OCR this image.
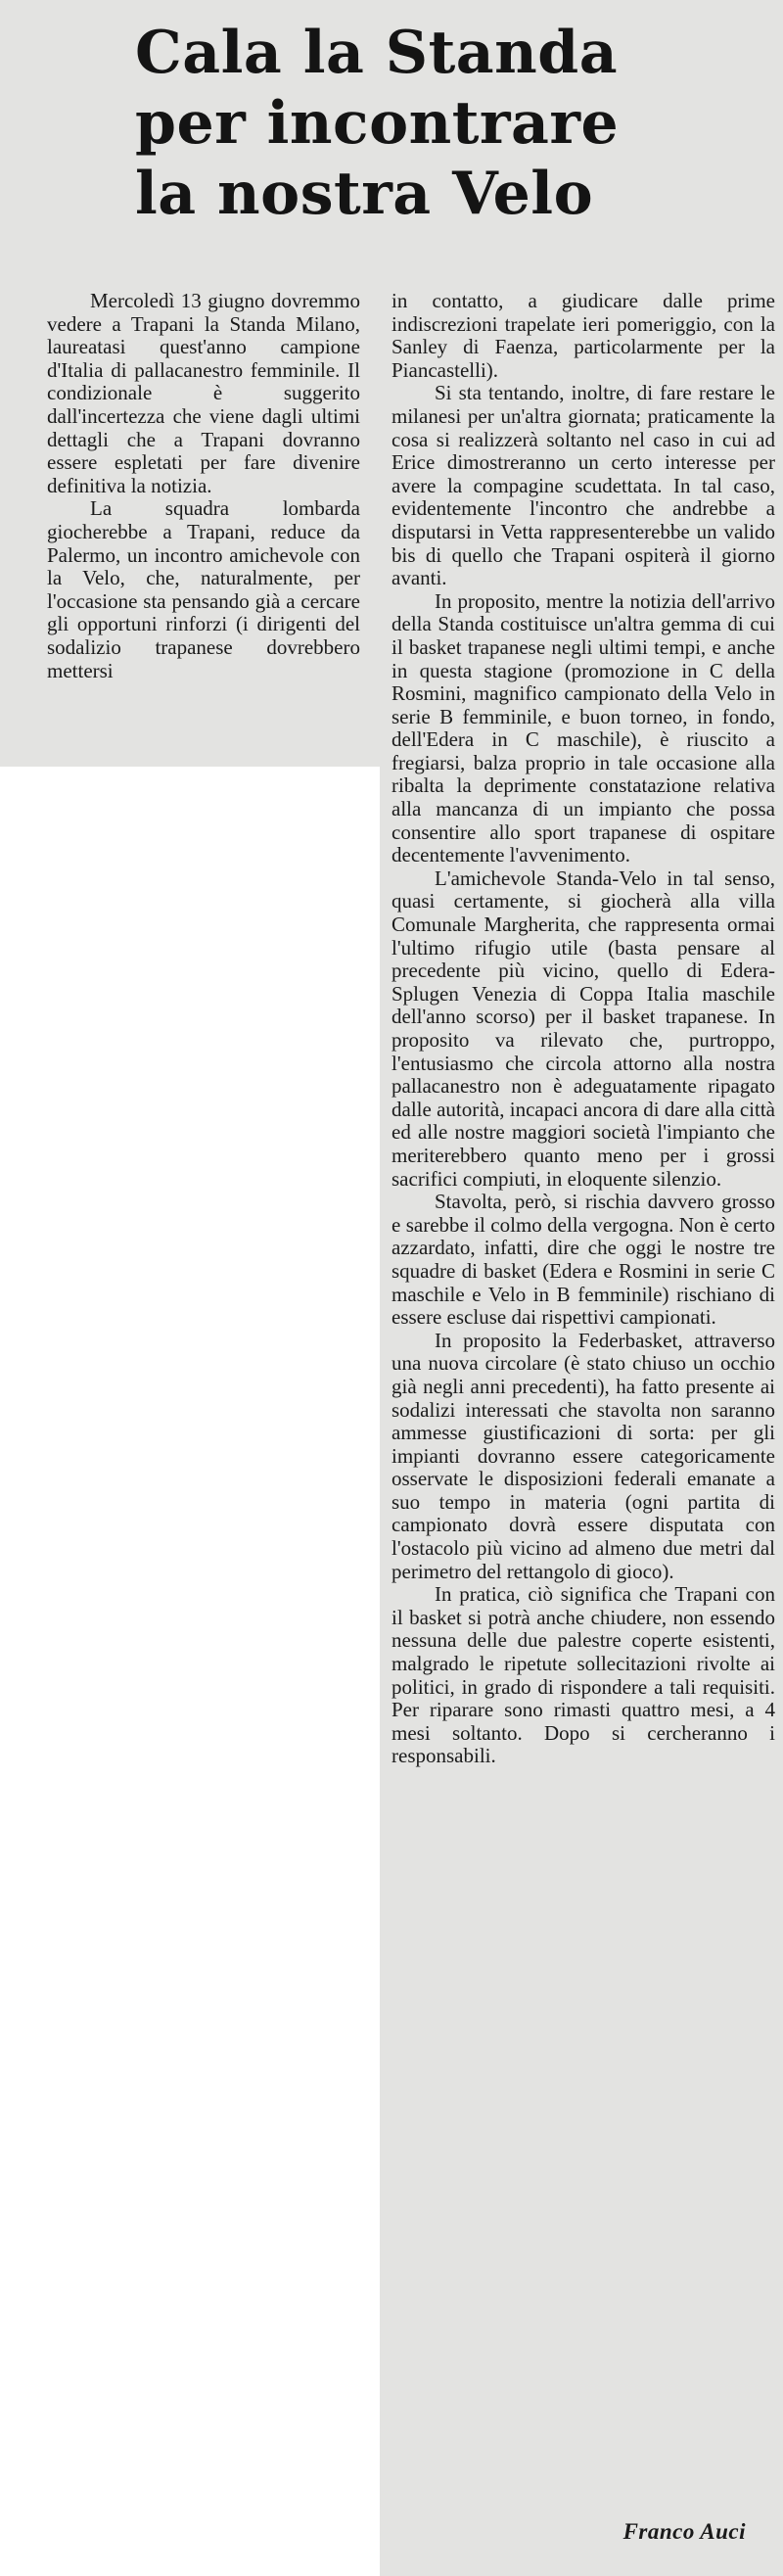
Cala la Standa
per incontrare
la nostra Velo

Mercoledì 13 giugno dovremmo vedere a Trapani la Standa Milano, laureatasi quest'anno campione d'Italia di pallacanestro femminile. Il condizionale è suggerito dall'incertezza che viene dagli ultimi dettagli che a Trapani dovranno essere espletati per fare divenire definitiva la notizia.

La squadra lombarda giocherebbe a Trapani, reduce da Palermo, un incontro amichevole con la Velo, che, naturalmente, per l'occasione sta pensando già a cercare gli opportuni rinforzi (i dirigenti del sodalizio trapanese dovrebbero mettersi

in contatto, a giudicare dalle prime indiscrezioni trapelate ieri pomeriggio, con la Sanley di Faenza, particolarmente per la Piancastelli).

Si sta tentando, inoltre, di fare restare le milanesi per un'altra giornata; praticamente la cosa si realizzerà soltanto nel caso in cui ad Erice dimostreranno un certo interesse per avere la compagine scudettata. In tal caso, evidentemente l'incontro che andrebbe a disputarsi in Vetta rappresenterebbe un valido bis di quello che Trapani ospiterà il giorno avanti.

In proposito, mentre la notizia dell'arrivo della Standa costituisce un'altra gemma di cui il basket trapanese negli ultimi tempi, e anche in questa stagione (promozione in C della Rosmini, magnifico campionato della Velo in serie B femminile, e buon torneo, in fondo, dell'Edera in C maschile), è riuscito a fregiarsi, balza proprio in tale occasione alla ribalta la deprimente constatazione relativa alla mancanza di un impianto che possa consentire allo sport trapanese di ospitare decentemente l'avvenimento.

L'amichevole Standa-Velo in tal senso, quasi certamente, si giocherà alla villa Comunale Margherita, che rappresenta ormai l'ultimo rifugio utile (basta pensare al precedente più vicino, quello di Edera-Splugen Venezia di Coppa Italia maschile dell'anno scorso) per il basket trapanese. In proposito va rilevato che, purtroppo, l'entusiasmo che circola attorno alla nostra pallacanestro non è adeguatamente ripagato dalle autorità, incapaci ancora di dare alla città ed alle nostre maggiori società l'impianto che meriterebbero quanto meno per i grossi sacrifici compiuti, in eloquente silenzio.

Stavolta, però, si rischia davvero grosso e sarebbe il colmo della vergogna. Non è certo azzardato, infatti, dire che oggi le nostre tre squadre di basket (Edera e Rosmini in serie C maschile e Velo in B femminile) rischiano di essere escluse dai rispettivi campionati.

In proposito la Federbasket, attraverso una nuova circolare (è stato chiuso un occhio già negli anni precedenti), ha fatto presente ai sodalizi interessati che stavolta non saranno ammesse giustificazioni di sorta: per gli impianti dovranno essere categoricamente osservate le disposizioni federali emanate a suo tempo in materia (ogni partita di campionato dovrà essere disputata con l'ostacolo più vicino ad almeno due metri dal perimetro del rettangolo di gioco).

In pratica, ciò significa che Trapani con il basket si potrà anche chiudere, non essendo nessuna delle due palestre coperte esistenti, malgrado le ripetute sollecitazioni rivolte ai politici, in grado di rispondere a tali requisiti. Per riparare sono rimasti quattro mesi, a 4 mesi soltanto. Dopo si cercheranno i responsabili.

Franco Auci
